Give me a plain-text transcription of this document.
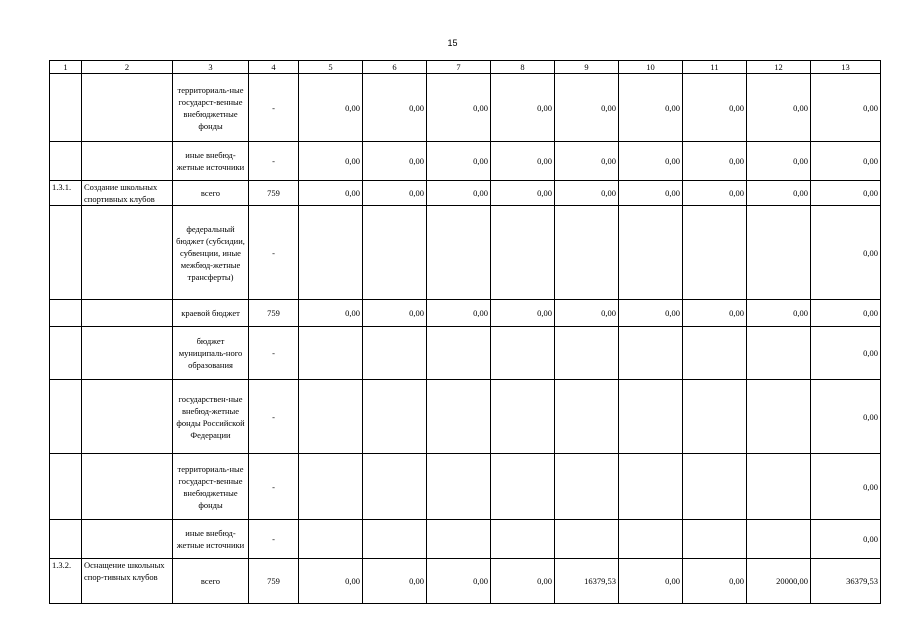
15
1	2	3	4	5	6	7	8	9	10	11	12	13
		территориаль-ные государст-венные внебюджетные фонды	-	0,00	0,00	0,00	0,00	0,00	0,00	0,00	0,00	0,00
		иные внебюд-жетные источники	-	0,00	0,00	0,00	0,00	0,00	0,00	0,00	0,00	0,00
1.3.1.	Создание школьных спортивных клубов	всего	759	0,00	0,00	0,00	0,00	0,00	0,00	0,00	0,00	0,00
		федеральный бюджет (субсидии, субвенции, иные межбюд-жетные трансферты)	-									0,00
		краевой бюджет	759	0,00	0,00	0,00	0,00	0,00	0,00	0,00	0,00	0,00
		бюджет муниципаль-ного образования	-									0,00
		государствен-ные внебюд-жетные фонды Российской Федерации	-									0,00
		территориаль-ные государст-венные внебюджетные фонды	-									0,00
		иные внебюд-жетные источники	-									0,00
1.3.2.	Оснащение школьных спор-тивных клубов	всего	759	0,00	0,00	0,00	0,00	16379,53	0,00	0,00	20000,00	36379,53
